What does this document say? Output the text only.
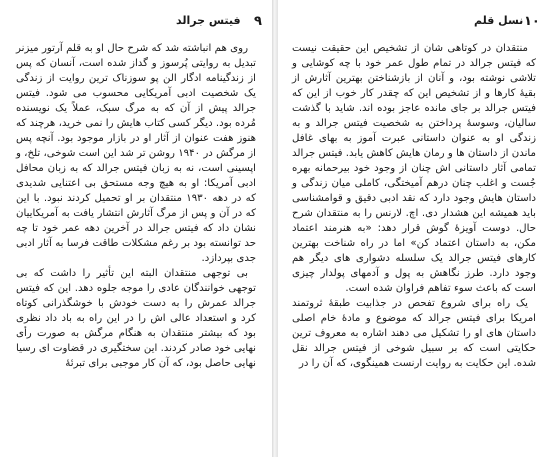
۹
فیتس جرالد

روی هم انباشته شد که شرح حال او به قلم آرتور میزنر تبدیل به روایتی پُرسوز و گداز شده است، آنسان که پس از زندگینامه ادگار الن پو سوزناک ترین روایت از زندگی یک شخصیت ادبی آمریکایی محسوب می شود. فیتس جرالد پیش از آن که به مرگ سبک، عملاً یک نویسنده مُرده بود. دیگر کسی کتاب هایش را نمی خرید، هرچند که هنوز هفت عنوان از آثار او در بازار موجود بود. آنچه پس از مرگش در ۱۹۴۰ روشن تر شد این است شوخی، تلخ، و اپسینی است، نه به زبان فیتس جرالد که به زبان محافل ادبی آمریکا: او به هیچ وجه مستحق بی اعتنایی شدیدی که در دهه ۱۹۳۰ منتقدان بر او تحمیل کردند نبود. با این که در آن و پس از مرگ آثارش انتشار یافت به آمریکاییان نشان داد که فیتس جرالد در آخرین دهه عمر خود تا چه حد توانسته بود بر رغم مشکلات طاقت فرسا به آثار ادبی جدی بپردازد.

بی توجهی منتقدان البته این تأثیر را داشت که بی توجهی خوانندگان عادی را موجه جلوه دهد. این که فیتس جرالد عمرش را به دست خودش با خوشگذرانی کوتاه کرد و استعداد عالی اش را در این راه به باد داد نظری بود که بیشتر منتقدان به هنگام مرگش به صورت رأی نهایی خود صادر کردند. این سختگیری در قضاوت ای رسیا نهایی حاصل بود، که آن کار موجبی برای تبرئهٔ

۱۰
نسل قلم

منتقدان در کوتاهی شان از تشخیص این حقیقت نیست که فیتس جرالد در تمام طول عمر خود با چه کوشایی و تلاشی نوشته بود، و آنان از بازشناختن بهترین آثارش از بقیهٔ کارها و از تشخیص این که چقدر کار خوب از این که فیتس جرالد بر جای مانده عاجز بوده اند. شاید با گذشت سالیان، وسوسهٔ پرداختن به شخصیت فیتس جرالد و به زندگی او به عنوان داستانی عبرت آموز به بهای غافل ماندن از داستان ها و رمان هایش کاهش یابد. فیتس جرالد تمامی آثار داستانی اش چنان از وجود خود بیرحمانه بهره جُست و اغلب چنان درهم آمیختگی، کاملی میان زندگی و داستان هایش وجود دارد که نقد ادبی دقیق و قوامشناسی باید همیشه این هشدار دی. اچ. لارنس را به منتقدان شرح حال. دوست آویزهٔ گوش قرار دهد: «به هنرمند اعتماد مکن، به داستان اعتماد کن» اما در راه شناخت بهترین کارهای فیتس جرالد یک سلسله دشواری های دیگر هم وجود دارد. طرز نگاهش به پول و آدمهای پولدار چیزی است که باعث سوء تفاهم فراوان شده است.

یک راه برای شروع تفحص در جذابیت طبقهٔ ثروتمند امریکا برای فیتس جرالد که موضوع و مادهٔ خام اصلی داستان های او را تشکیل می دهند اشاره به معروف ترین حکایتی است که بر سبیل شوخی از فیتس جرالد نقل شده. این حکایت به روایت ارنست همینگوی، که آن را در
